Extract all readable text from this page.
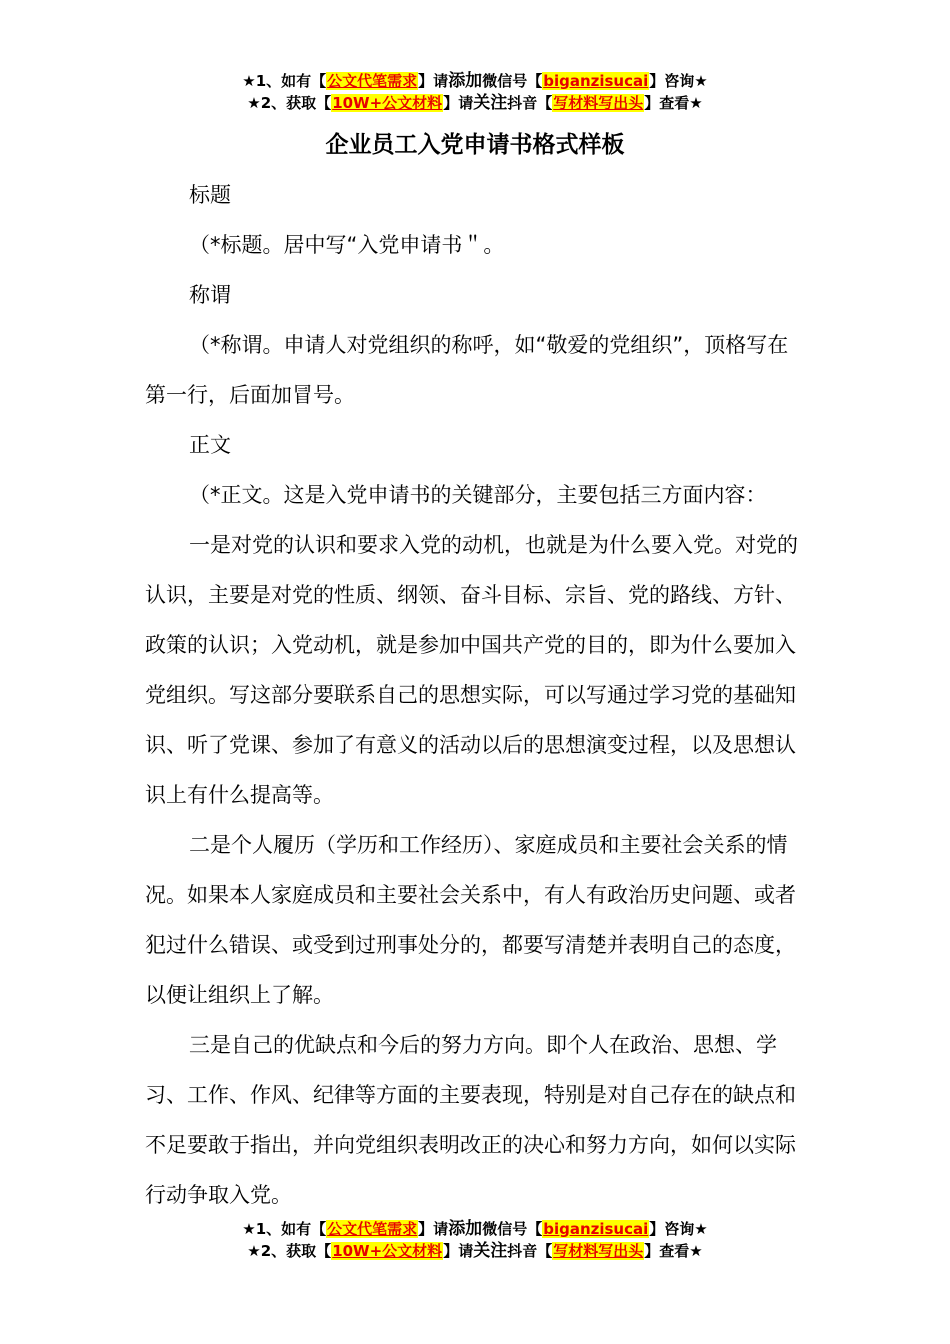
★1、如有【公文代笔需求】请添加微信号【biganzisucai】咨询★
★2、获取【10W+公文材料】请关注抖音【写材料写出头】查看★
企业员工入党申请书格式样板

标题

（*标题。居中写“入党申请书＂。

称谓

（*称谓。申请人对党组织的称呼，如“敬爱的党组织”，顶格写在第一行，后面加冒号。

正文

（*正文。这是入党申请书的关键部分，主要包括三方面内容：

一是对党的认识和要求入党的动机，也就是为什么要入党。对党的认识，主要是对党的性质、纲领、奋斗目标、宗旨、党的路线、方针、政策的认识；入党动机，就是参加中国共产党的目的，即为什么要加入党组织。写这部分要联系自己的思想实际，可以写通过学习党的基础知识、听了党课、参加了有意义的活动以后的思想演变过程，以及思想认识上有什么提高等。

二是个人履历（学历和工作经历）、家庭成员和主要社会关系的情况。如果本人家庭成员和主要社会关系中，有人有政治历史问题、或者犯过什么错误、或受到过刑事处分的，都要写清楚并表明自己的态度，以便让组织上了解。

三是自己的优缺点和今后的努力方向。即个人在政治、思想、学习、工作、作风、纪律等方面的主要表现，特别是对自己存在的缺点和不足要敢于指出，并向党组织表明改正的决心和努力方向，如何以实际行动争取入党。

★1、如有【公文代笔需求】请添加微信号【biganzisucai】咨询★
★2、获取【10W+公文材料】请关注抖音【写材料写出头】查看★
